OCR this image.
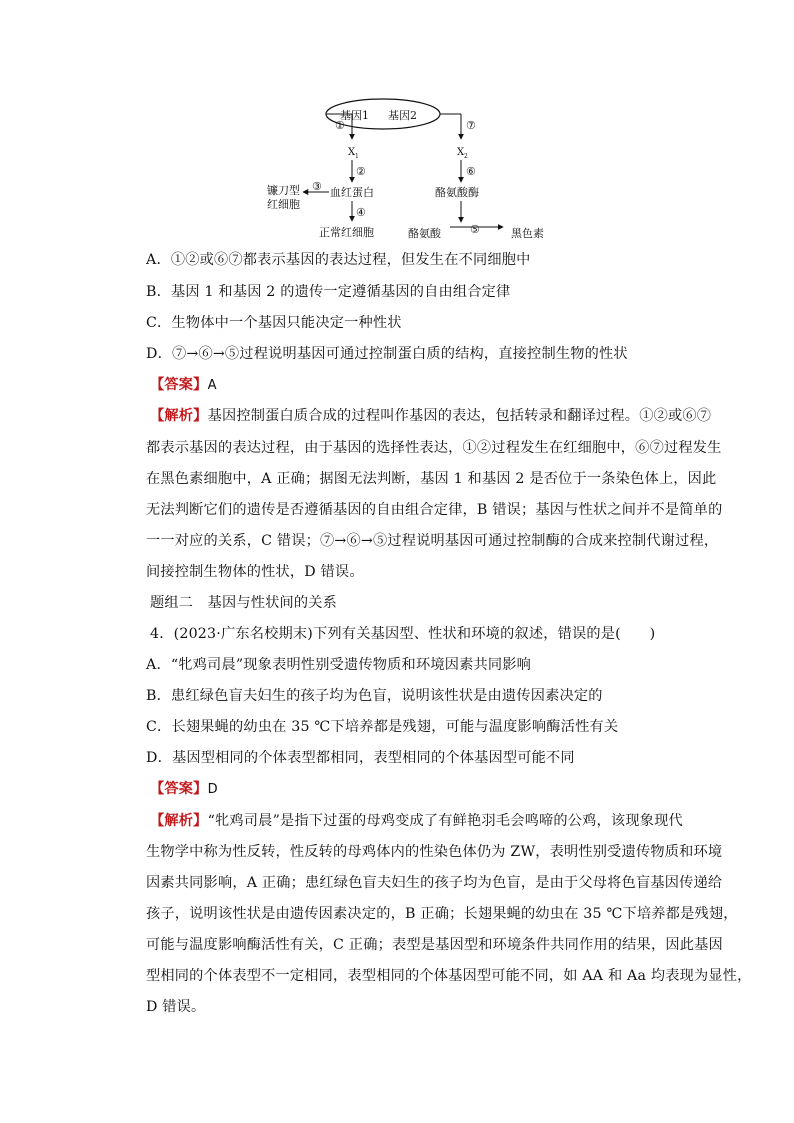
基因1 基因2
①	⑦
X 1	X 2
②
血红蛋白
③
镰刀型
红细胞
④
正常红细胞
⑥
酪氨酸酶
酪氨酸	⑤	黑色素
A．①②或⑥⑦都表示基因的表达过程，但发生在不同细胞中
B．基因 1 和基因 2 的遗传一定遵循基因的自由组合定律
C．生物体中一个基因只能决定一种性状
D．⑦→⑥→⑤过程说明基因可通过控制蛋白质的结构，直接控制生物的性状
【答案】A
【解析】基因控制蛋白质合成的过程叫作基因的表达，包括转录和翻译过程。①②或⑥⑦
都表示基因的表达过程，由于基因的选择性表达，①②过程发生在红细胞中，⑥⑦过程发生
在黑色素细胞中，A 正确；据图无法判断，基因 1 和基因 2 是否位于一条染色体上，因此
无法判断它们的遗传是否遵循基因的自由组合定律，B 错误；基因与性状之间并不是简单的
一一对应的关系，C 错误；⑦→⑥→⑤过程说明基因可通过控制酶的合成来控制代谢过程，
间接控制生物体的性状，D 错误。
题组二　基因与性状间的关系
4．(2023·广东名校期末)下列有关基因型、性状和环境的叙述，错误的是(　　)
A．“牝鸡司晨”现象表明性别受遗传物质和环境因素共同影响
B．患红绿色盲夫妇生的孩子均为色盲，说明该性状是由遗传因素决定的
C．长翅果蝇的幼虫在 35 ℃下培养都是残翅，可能与温度影响酶活性有关
D．基因型相同的个体表型都相同，表型相同的个体基因型可能不同
【答案】D
【解析】“牝鸡司晨”是指下过蛋的母鸡变成了有鲜艳羽毛会鸣啼的公鸡，该现象现代
生物学中称为性反转，性反转的母鸡体内的性染色体仍为 ZW，表明性别受遗传物质和环境
因素共同影响，A 正确；患红绿色盲夫妇生的孩子均为色盲，是由于父母将色盲基因传递给
孩子，说明该性状是由遗传因素决定的，B 正确；长翅果蝇的幼虫在 35 ℃下培养都是残翅，
可能与温度影响酶活性有关，C 正确；表型是基因型和环境条件共同作用的结果，因此基因
型相同的个体表型不一定相同，表型相同的个体基因型可能不同，如 AA 和 Aa 均表现为显性，
D 错误。
